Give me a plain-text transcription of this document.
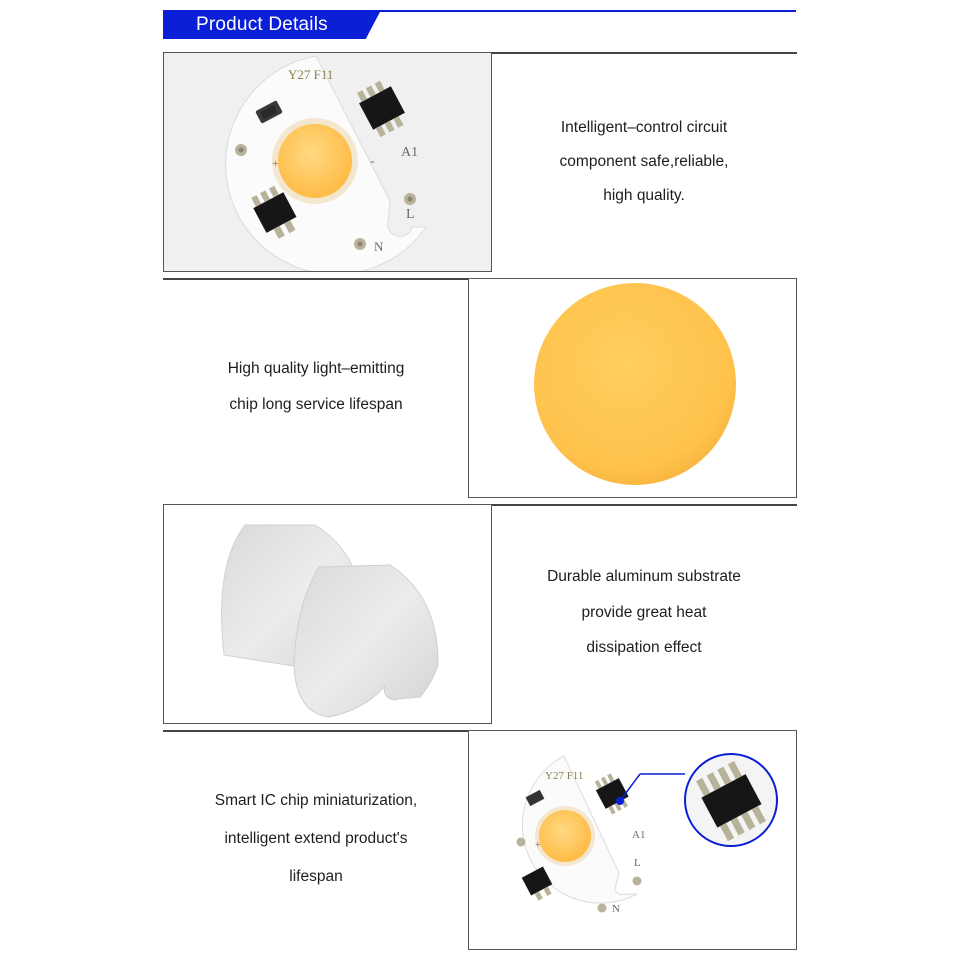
Product Details
Y27 F11
A1
L
N
+	-
Intelligent–control circuit
component safe,reliable,
high quality.
High quality light–emitting
chip long service lifespan
Durable aluminum substrate
provide great heat
dissipation effect
Smart IC chip miniaturization,
intelligent extend product's
lifespan
Y27 F11
A1
L
N
+
